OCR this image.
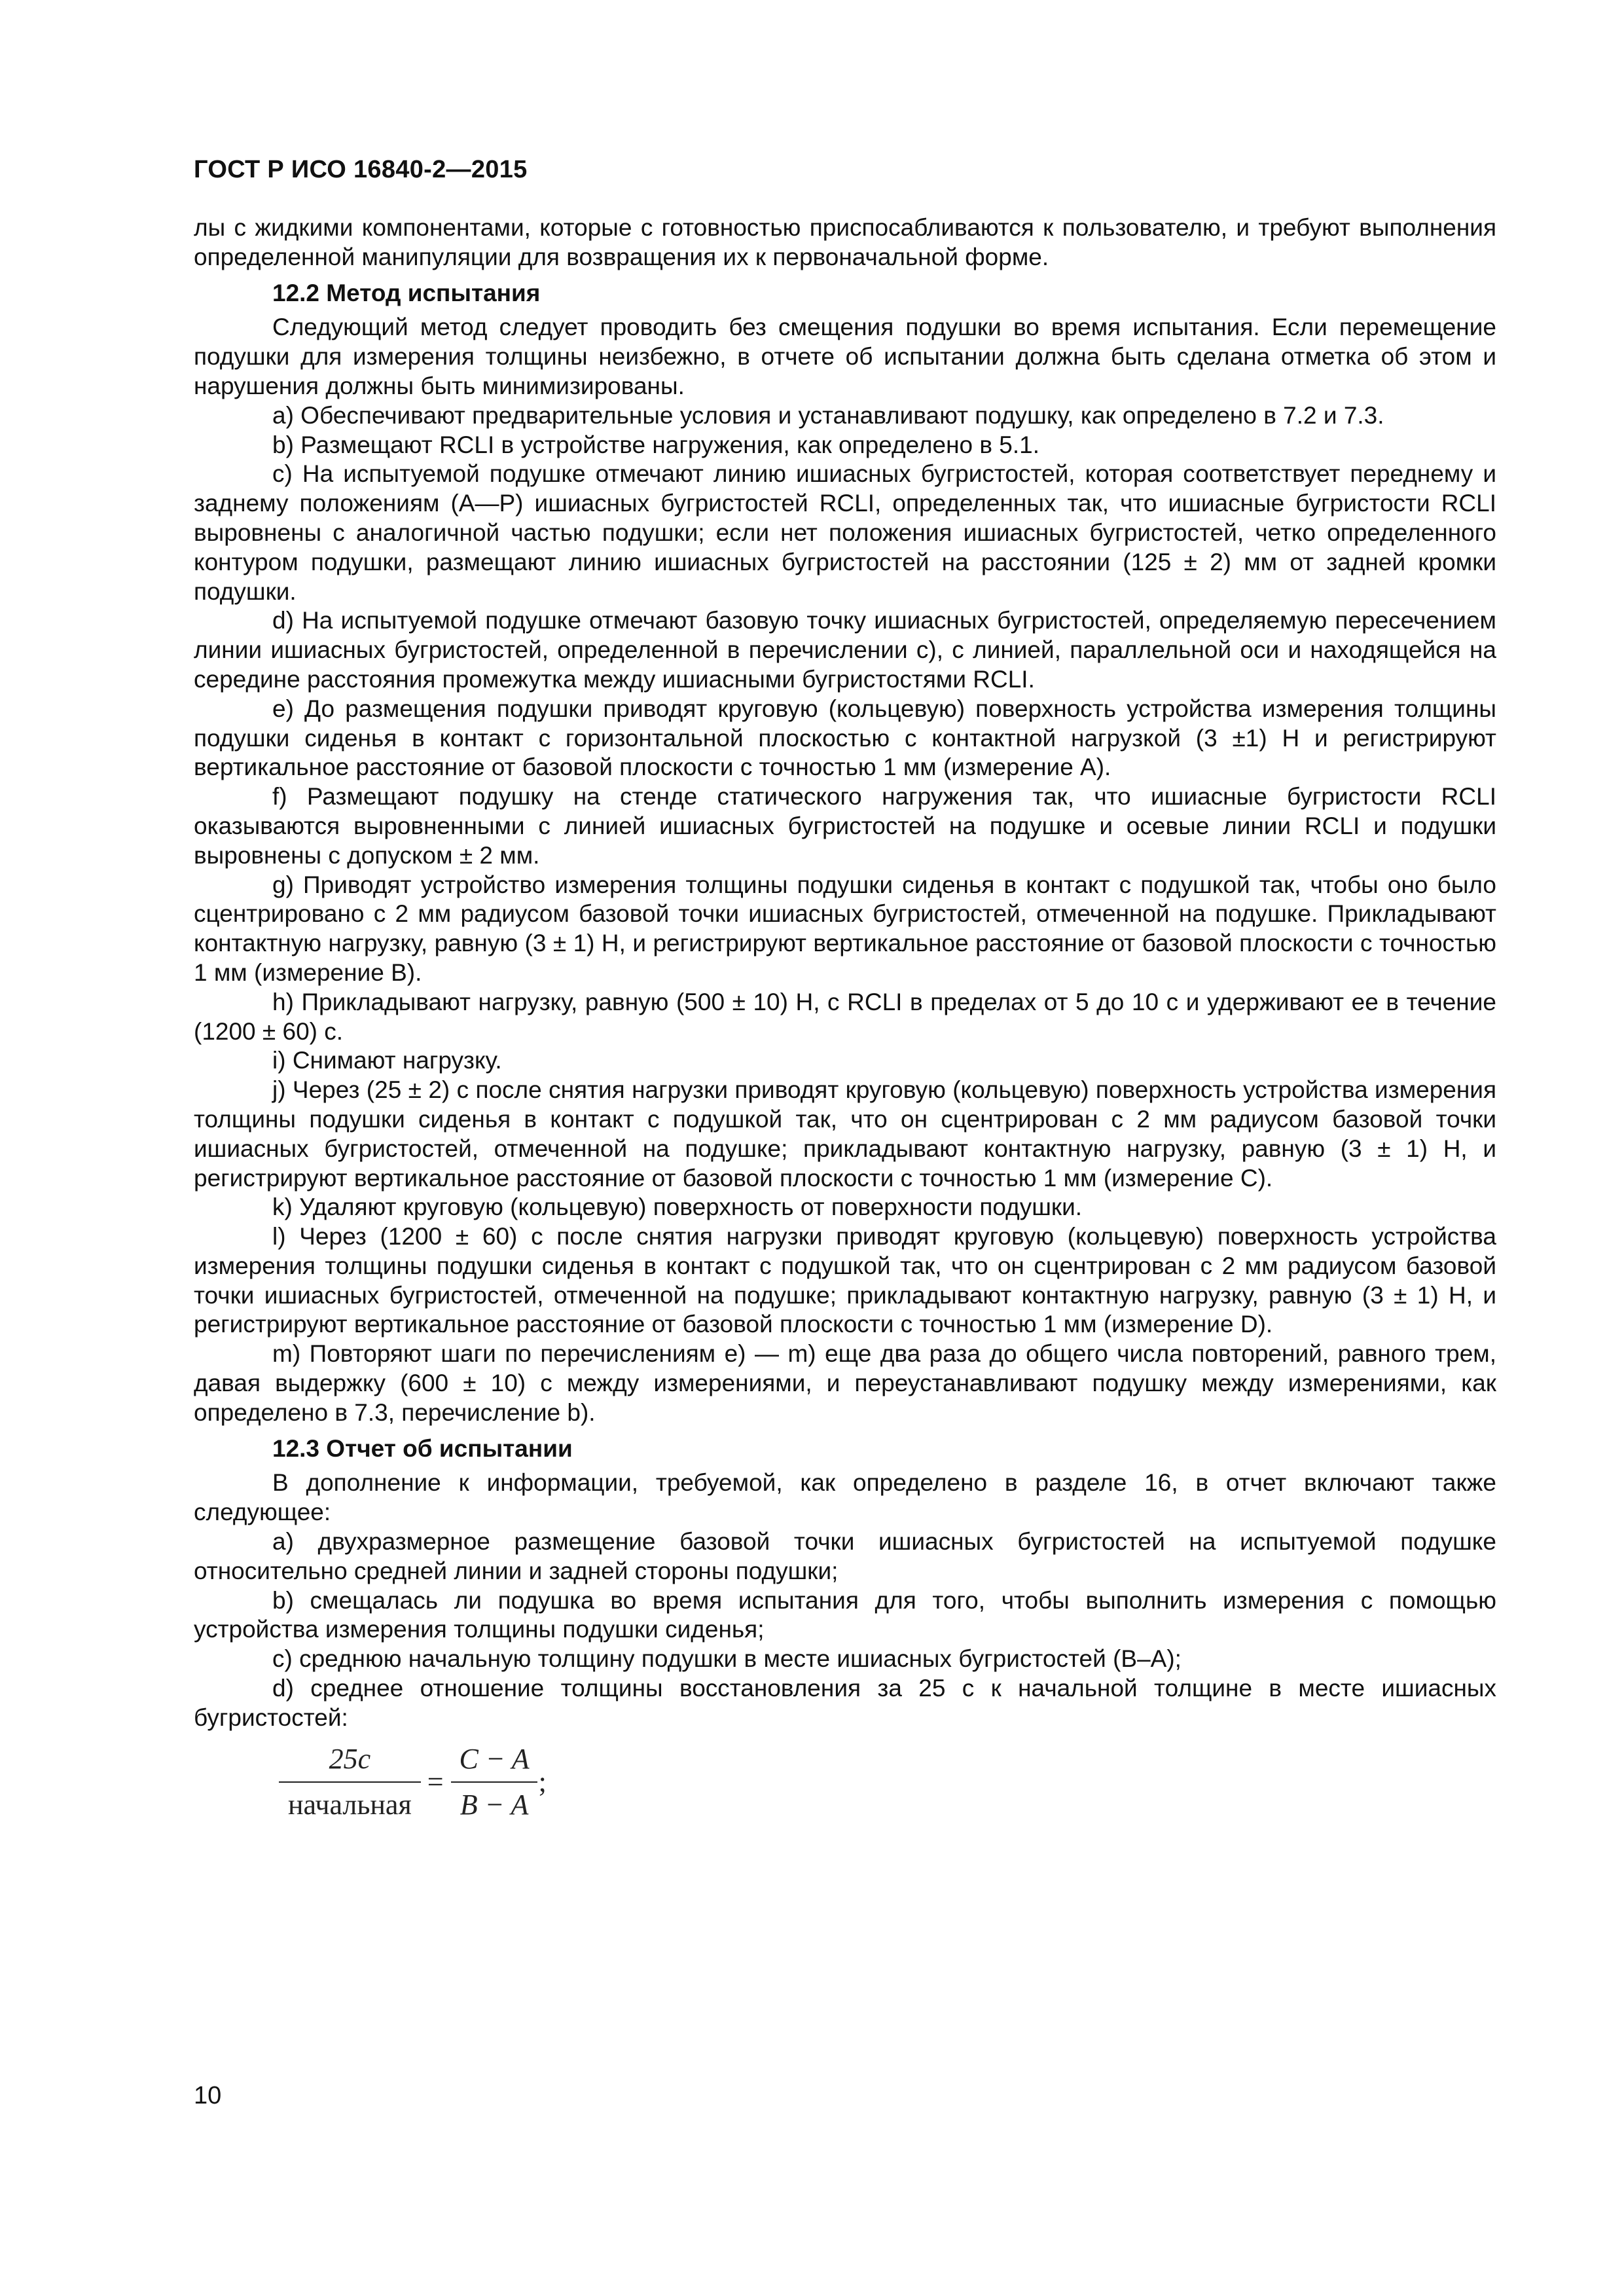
ГОСТ Р ИСО 16840-2—2015

лы с жидкими компонентами, которые с готовностью приспосабливаются к пользователю, и требуют выполнения определенной манипуляции для возвращения их к первоначальной форме.

12.2 Метод испытания

Следующий метод следует проводить без смещения подушки во время испытания. Если перемещение подушки для измерения толщины неизбежно, в отчете об испытании должна быть сделана отметка об этом и нарушения должны быть минимизированы.

a) Обеспечивают предварительные условия и устанавливают подушку, как определено в 7.2 и 7.3.

b) Размещают RCLI в устройстве нагружения, как определено в 5.1.

c) На испытуемой подушке отмечают линию ишиасных бугристостей, которая соответствует переднему и заднему положениям (A—P) ишиасных бугристостей RCLI, определенных так, что ишиасные бугристости RCLI выровнены с аналогичной частью подушки; если нет положения ишиасных бугристостей, четко определенного контуром подушки, размещают линию ишиасных бугристостей на расстоянии (125 ± 2) мм от задней кромки подушки.

d) На испытуемой подушке отмечают базовую точку ишиасных бугристостей, определяемую пересечением линии ишиасных бугристостей, определенной в перечислении c), с линией, параллельной оси и находящейся на середине расстояния промежутка между ишиасными бугристостями RCLI.

e) До размещения подушки приводят круговую (кольцевую) поверхность устройства измерения толщины подушки сиденья в контакт с горизонтальной плоскостью с контактной нагрузкой (3 ±1) Н и регистрируют вертикальное расстояние от базовой плоскости с точностью 1 мм (измерение A).

f) Размещают подушку на стенде статического нагружения так, что ишиасные бугристости RCLI оказываются выровненными с линией ишиасных бугристостей на подушке и осевые линии RCLI и подушки выровнены с допуском ± 2 мм.

g) Приводят устройство измерения толщины подушки сиденья в контакт с подушкой так, чтобы оно было сцентрировано с 2 мм радиусом базовой точки ишиасных бугристостей, отмеченной на подушке. Прикладывают контактную нагрузку, равную (3 ± 1) Н, и регистрируют вертикальное расстояние от базовой плоскости с точностью 1 мм (измерение B).

h) Прикладывают нагрузку, равную (500 ± 10) Н, с RCLI в пределах от 5 до 10 с и удерживают ее в течение (1200 ± 60) с.

i) Снимают нагрузку.

j) Через (25 ± 2) с после снятия нагрузки приводят круговую (кольцевую) поверхность устройства измерения толщины подушки сиденья в контакт с подушкой так, что он сцентрирован с 2 мм радиусом базовой точки ишиасных бугристостей, отмеченной на подушке; прикладывают контактную нагрузку, равную (3 ± 1) Н, и регистрируют вертикальное расстояние от базовой плоскости с точностью 1 мм (измерение C).

k) Удаляют круговую (кольцевую) поверхность от поверхности подушки.

l) Через (1200 ± 60) с после снятия нагрузки приводят круговую (кольцевую) поверхность устройства измерения толщины подушки сиденья в контакт с подушкой так, что он сцентрирован с 2 мм радиусом базовой точки ишиасных бугристостей, отмеченной на подушке; прикладывают контактную нагрузку, равную (3 ± 1) Н, и регистрируют вертикальное расстояние от базовой плоскости с точностью 1 мм (измерение D).

m) Повторяют шаги по перечислениям e) — m) еще два раза до общего числа повторений, равного трем, давая выдержку (600 ± 10) с между измерениями, и переустанавливают подушку между измерениями, как определено в 7.3, перечисление b).

12.3 Отчет об испытании

В дополнение к информации, требуемой, как определено в разделе 16, в отчет включают также следующее:

a) двухразмерное размещение базовой точки ишиасных бугристостей на испытуемой подушке относительно средней линии и задней стороны подушки;

b) смещалась ли подушка во время испытания для того, чтобы выполнить измерения с помощью устройства измерения толщины подушки сиденья;

c) среднюю начальную толщину подушки в месте ишиасных бугристостей (B–A);

d) среднее отношение толщины восстановления за 25 с к начальной толщине в месте ишиасных бугристостей:

$\frac{25с}{\text{начальная}} = \frac{C - A}{B - A}$ ;
10
